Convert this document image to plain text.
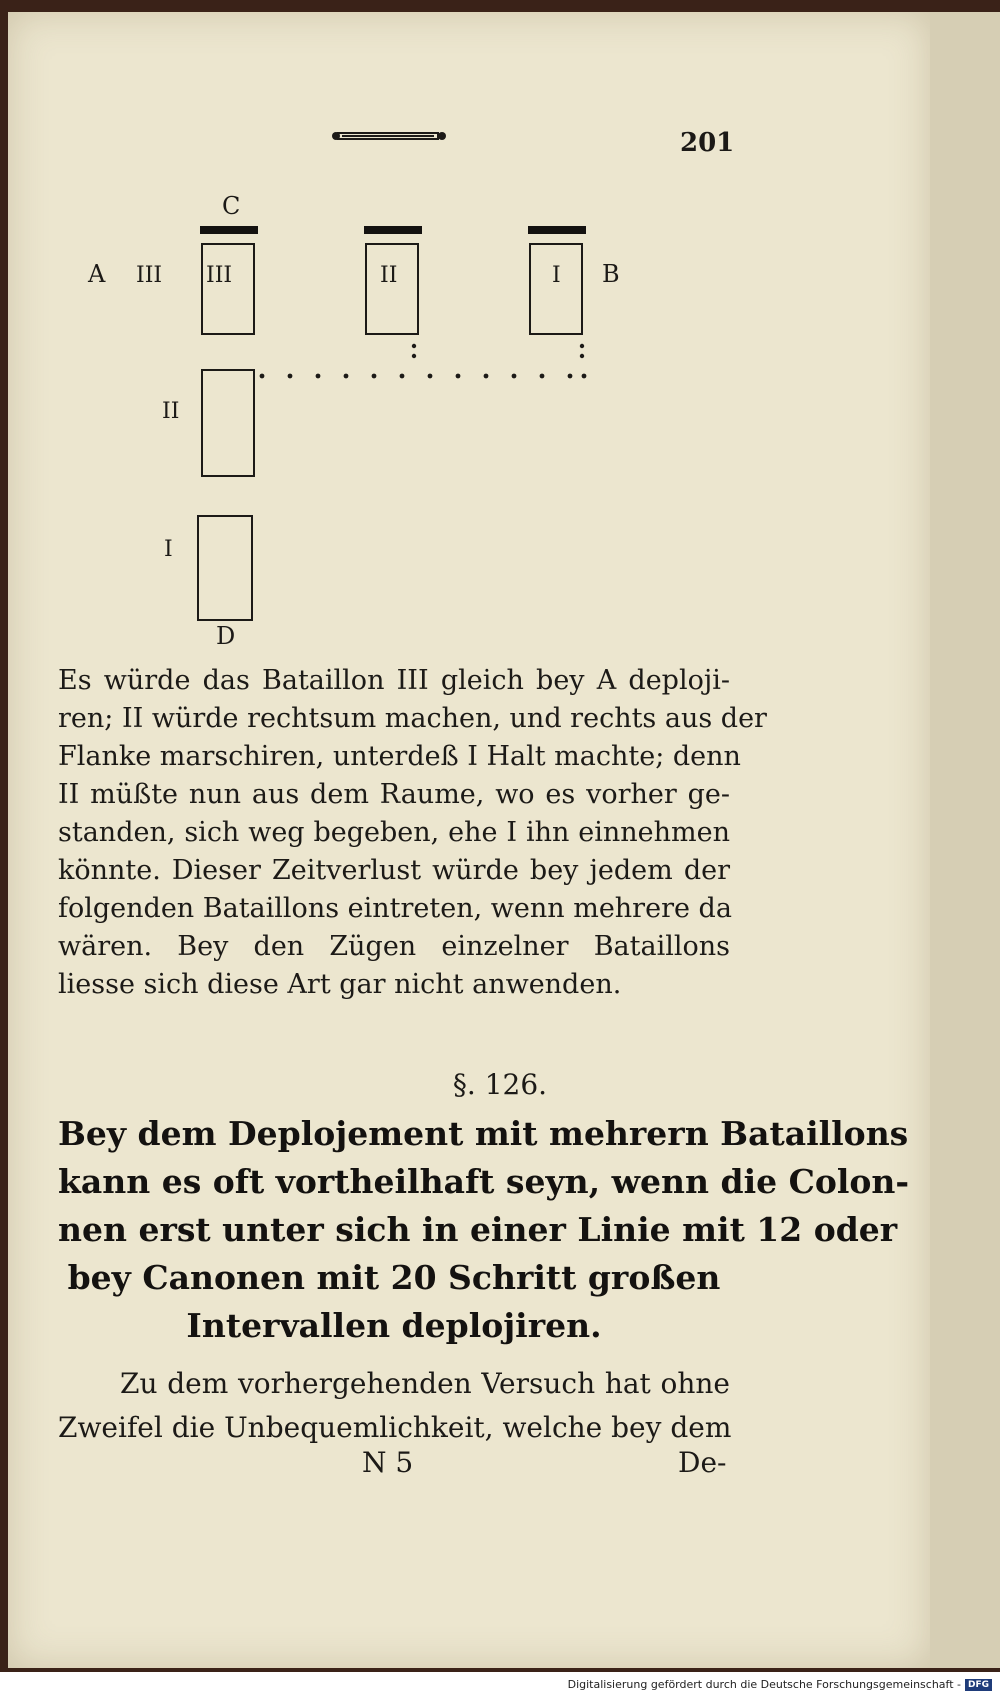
201
C
III
A III	II	I B
II
I
D
Es würde das Bataillon III gleich bey A deploji-
ren; II würde rechtsum machen, und rechts aus der
Flanke marschiren, unterdeß I Halt machte; denn
II müßte nun aus dem Raume, wo es vorher ge-
standen, sich weg begeben, ehe I ihn einnehmen
könnte. Dieser Zeitverlust würde bey jedem der
folgenden Bataillons eintreten, wenn mehrere da
wären. Bey den Zügen einzelner Bataillons
liesse sich diese Art gar nicht anwenden.
§. 126.
Bey dem Deplojement mit mehrern Bataillons
kann es oft vortheilhaft seyn, wenn die Colon-
nen erst unter sich in einer Linie mit 12 oder
bey Canonen mit 20 Schritt großen
Intervallen deplojiren.
Zu dem vorhergehenden Versuch hat ohne
Zweifel die Unbequemlichkeit, welche bey dem
N 5	De-
Digitalisierung gefördert durch die Deutsche Forschungsgemeinschaft - DFG
